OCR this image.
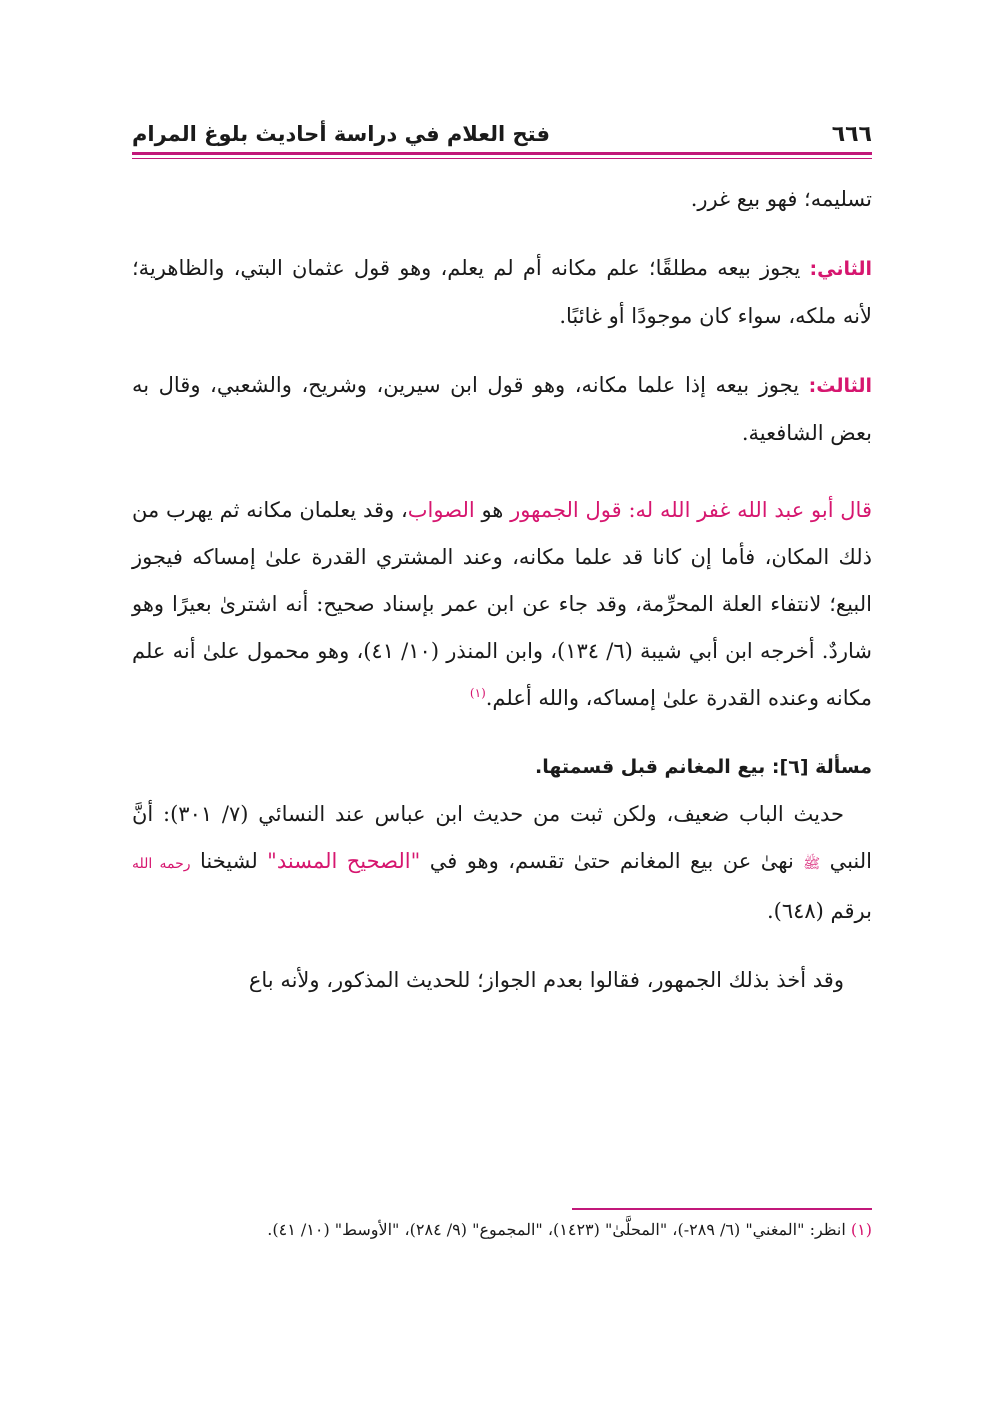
٦٦٦
فتح العلام في دراسة أحاديث بلوغ المرام

تسليمه؛ فهو بيع غرر.

الثاني: يجوز بيعه مطلقًا؛ علم مكانه أم لم يعلم، وهو قول عثمان البتي، والظاهرية؛ لأنه ملكه، سواء كان موجودًا أو غائبًا.

الثالث: يجوز بيعه إذا علما مكانه، وهو قول ابن سيرين، وشريح، والشعبي، وقال به بعض الشافعية.

قال أبو عبد الله غفر الله له: قول الجمهور هو الصواب، وقد يعلمان مكانه ثم يهرب من ذلك المكان، فأما إن كانا قد علما مكانه، وعند المشتري القدرة علىٰ إمساكه فيجوز البيع؛ لانتفاء العلة المحرِّمة، وقد جاء عن ابن عمر بإسناد صحيح: أنه اشترىٰ بعيرًا وهو شاردٌ. أخرجه ابن أبي شيبة (٦/ ١٣٤)، وابن المنذر (١٠/ ٤١)، وهو محمول علىٰ أنه علم مكانه وعنده القدرة علىٰ إمساكه، والله أعلم.$^{(١)}$

مسألة [٦]: بيع المغانم قبل قسمتها.

حديث الباب ضعيف، ولكن ثبت من حديث ابن عباس عند النسائي (٧/ ٣٠١): أنَّ النبي ﷺ نهىٰ عن بيع المغانم حتىٰ تقسم، وهو في "الصحيح المسند" لشيخنا رحمه الله برقم (٦٤٨).

وقد أخذ بذلك الجمهور، فقالوا بعدم الجواز؛ للحديث المذكور، ولأنه باع

(١) انظر: "المغني" (٦/ ٢٨٩-)، "المحلَّىٰ" (١٤٢٣)، "المجموع" (٩/ ٢٨٤)، "الأوسط" (١٠/ ٤١).
